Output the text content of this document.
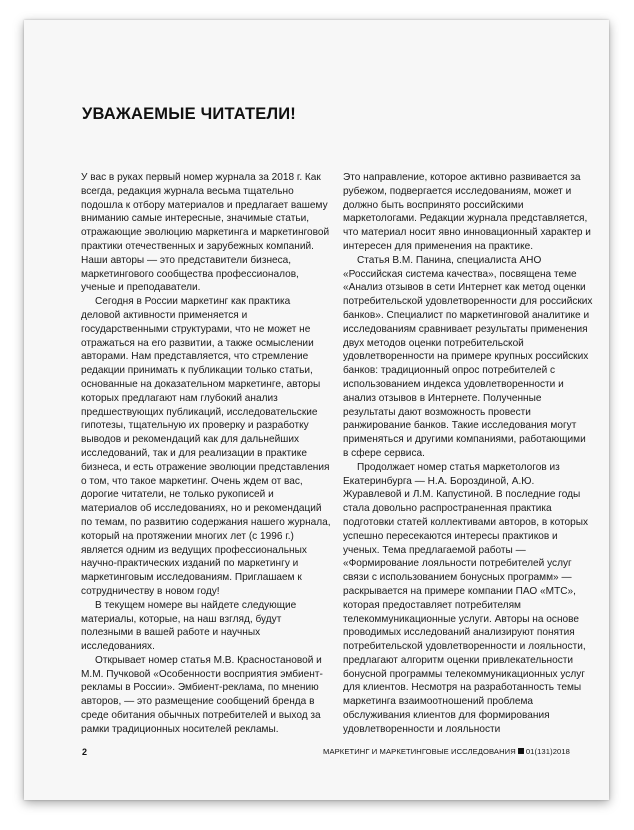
УВАЖАЕМЫЕ ЧИТАТЕЛИ!

У вас в руках первый номер журнала за 2018 г. Как всегда, редакция журнала весьма тщательно подошла к отбору материалов и предлагает вашему вниманию самые интересные, значимые статьи, отражающие эволюцию маркетинга и маркетинговой практики отечественных и зарубежных компаний. Наши авторы — это представители бизнеса, маркетингового сообщества профессионалов, ученые и преподаватели.

Сегодня в России маркетинг как практика деловой активности применяется и государственными структурами, что не может не отражаться на его развитии, а также осмыслении авторами. Нам представляется, что стремление редакции принимать к публикации только статьи, основанные на доказательном маркетинге, авторы которых предлагают нам глубокий анализ предшествующих публикаций, исследовательские гипотезы, тщательную их проверку и разработку выводов и рекомендаций как для дальнейших исследований, так и для реализации в практике бизнеса, и есть отражение эволюции представления о том, что такое маркетинг. Очень ждем от вас, дорогие читатели, не только рукописей и материалов об исследованиях, но и рекомендаций по темам, по развитию содержания нашего журнала, который на протяжении многих лет (с 1996 г.) является одним из ведущих профессиональных научно-практических изданий по маркетингу и маркетинговым исследованиям. Приглашаем к сотрудничеству в новом году!

В текущем номере вы найдете следующие материалы, которые, на наш взгляд, будут полезными в вашей работе и научных исследованиях.

Открывает номер статья М.В. Красностановой и М.М. Пучковой «Особенности восприятия эмбиент-рекламы в России». Эмбиент-реклама, по мнению авторов, — это размещение сообщений бренда в среде обитания обычных потребителей и выход за рамки традиционных носителей рекламы.

Это направление, которое активно развивается за рубежом, подвергается исследованиям, может и должно быть воспринято российскими маркетологами. Редакции журнала представляется, что материал носит явно инновационный характер и интересен для применения на практике.

Статья В.М. Панина, специалиста АНО «Российская система качества», посвящена теме «Анализ отзывов в сети Интернет как метод оценки потребительской удовлетворенности для российских банков». Специалист по маркетинговой аналитике и исследованиям сравнивает результаты применения двух методов оценки потребительской удовлетворенности на примере крупных российских банков: традиционный опрос потребителей с использованием индекса удовлетворенности и анализ отзывов в Интернете. Полученные результаты дают возможность провести ранжирование банков. Такие исследования могут применяться и другими компаниями, работающими в сфере сервиса.

Продолжает номер статья маркетологов из Екатеринбурга — Н.А. Бороздиной, А.Ю. Журавлевой и Л.М. Капустиной. В последние годы стала довольно распространенная практика подготовки статей коллективами авторов, в которых успешно пересекаются интересы практиков и ученых. Тема предлагаемой работы — «Формирование лояльности потребителей услуг связи с использованием бонусных программ» — раскрывается на примере компании ПАО «МТС», которая предоставляет потребителям телекоммуникационные услуги. Авторы на основе проводимых исследований анализируют понятия потребительской удовлетворенности и лояльности, предлагают алгоритм оценки привлекательности бонусной программы телекоммуникационных услуг для клиентов. Несмотря на разработанность темы маркетинга взаимоотношений проблема обслуживания клиентов для формирования удовлетворенности и лояльности

2	МАРКЕТИНГ И МАРКЕТИНГОВЫЕ ИССЛЕДОВАНИЯ 01(131)2018
